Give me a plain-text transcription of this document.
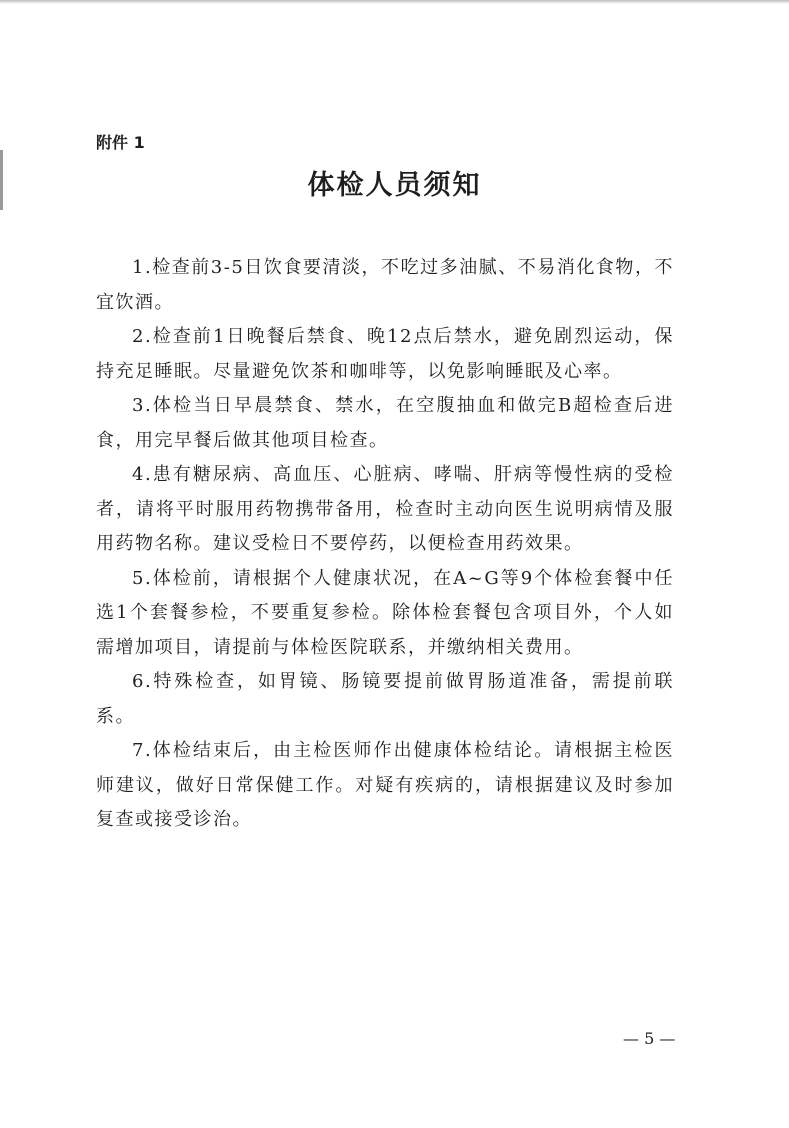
附件 1
体检人员须知

1.检查前3-5日饮食要清淡，不吃过多油腻、不易消化食物，不宜饮酒。

2.检查前1日晚餐后禁食、晚12点后禁水，避免剧烈运动，保持充足睡眠。尽量避免饮茶和咖啡等，以免影响睡眠及心率。

3.体检当日早晨禁食、禁水，在空腹抽血和做完B超检查后进食，用完早餐后做其他项目检查。

4.患有糖尿病、高血压、心脏病、哮喘、肝病等慢性病的受检者，请将平时服用药物携带备用，检查时主动向医生说明病情及服用药物名称。建议受检日不要停药，以便检查用药效果。

5.体检前，请根据个人健康状况，在A~G等9个体检套餐中任选1个套餐参检，不要重复参检。除体检套餐包含项目外，个人如需增加项目，请提前与体检医院联系，并缴纳相关费用。

6.特殊检查，如胃镜、肠镜要提前做胃肠道准备，需提前联系。

7.体检结束后，由主检医师作出健康体检结论。请根据主检医师建议，做好日常保健工作。对疑有疾病的，请根据建议及时参加复查或接受诊治。

— 5 —
